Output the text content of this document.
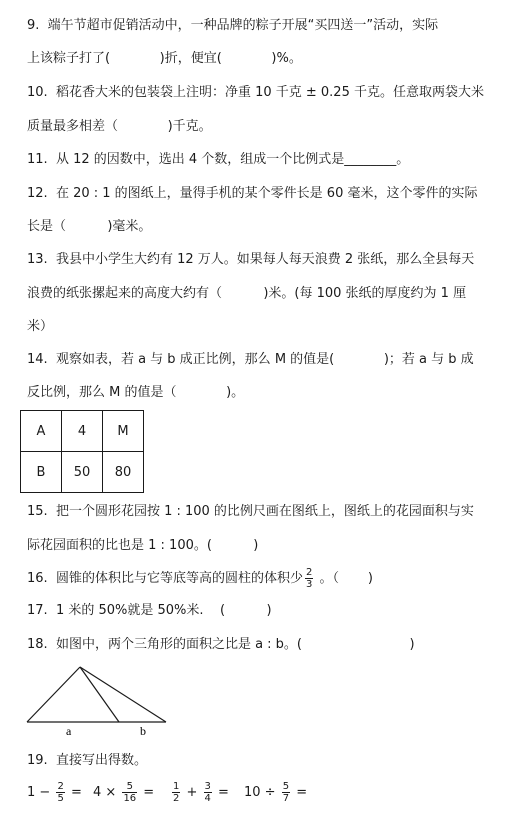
9.  端午节超市促销活动中，一种品牌的粽子开展“买四送一”活动，实际
上该粽子打了(            )折，便宜(            )%。
10.  稻花香大米的包装袋上注明：净重 10 千克 ± 0.25 千克。任意取两袋大米
质量最多相差（            )千克。
11.  从 12 的因数中，选出 4 个数，组成一个比例式是________。
12.  在 20 : 1 的图纸上，量得手机的某个零件长是 60 毫米，这个零件的实际
长是（          )毫米。
13.  我县中小学生大约有 12 万人。如果每人每天浪费 2 张纸，那么全县每天
浪费的纸张摞起来的高度大约有（          )米。(每 100 张纸的厚度约为 1 厘
米）
14.  观察如表，若 a 与 b 成正比例，那么 M 的值是(            )；若 a 与 b 成
反比例，那么 M 的值是（            )。
A	4	M
B	50	80
15.  把一个圆形花园按 1 : 100 的比例尺画在图纸上，图纸上的花园面积与实
际花园面积的比也是 1 : 100。(          )
16.  圆锥的体积比与它等底等高的圆柱的体积少 $\frac{2}{3}$ 。（       )
17.  1 米的 50%就是 50%米.    (          )
18.  如图中，两个三角形的面积之比是 a : b。(                          )
a	b
19.  直接写出得数。
$1 - \frac{2}{5} = 4 \times \frac{5}{16} = \frac{1}{2} + \frac{3}{4} = 10 \div \frac{5}{7}$ =
